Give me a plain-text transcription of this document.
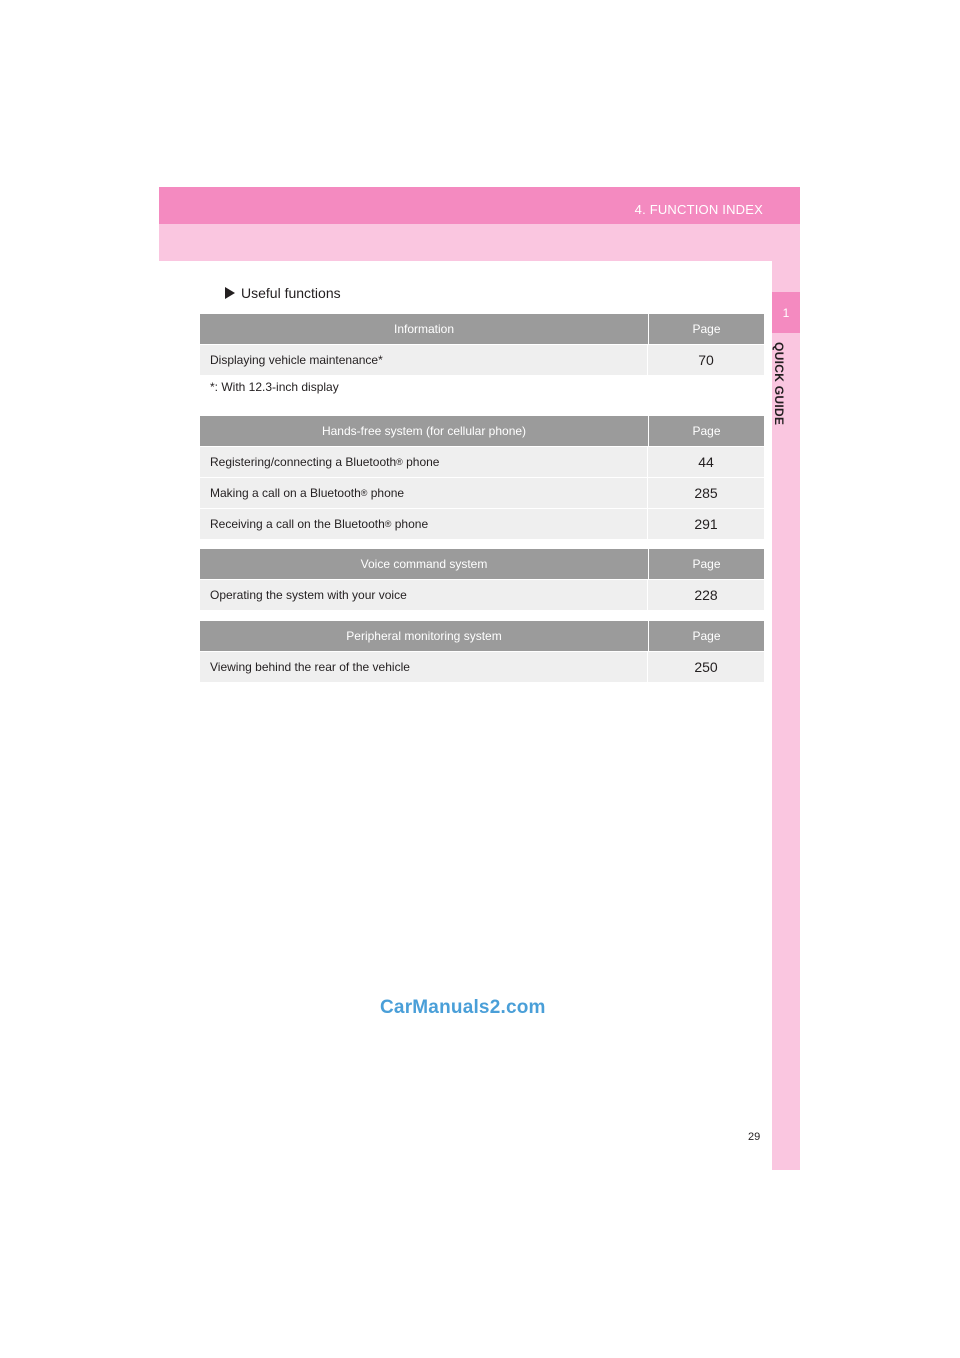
4. FUNCTION INDEX
1
QUICK GUIDE
Useful functions
Information	Page
Displaying vehicle maintenance*	70
*: With 12.3-inch display
Hands-free system (for cellular phone)	Page
Registering/connecting a Bluetooth ® phone	44
Making a call on a Bluetooth ® phone	285
Receiving a call on the Bluetooth ® phone	291
Voice command system	Page
Operating the system with your voice	228
Peripheral monitoring system	Page
Viewing behind the rear of the vehicle	250
CarManuals2.com
29
